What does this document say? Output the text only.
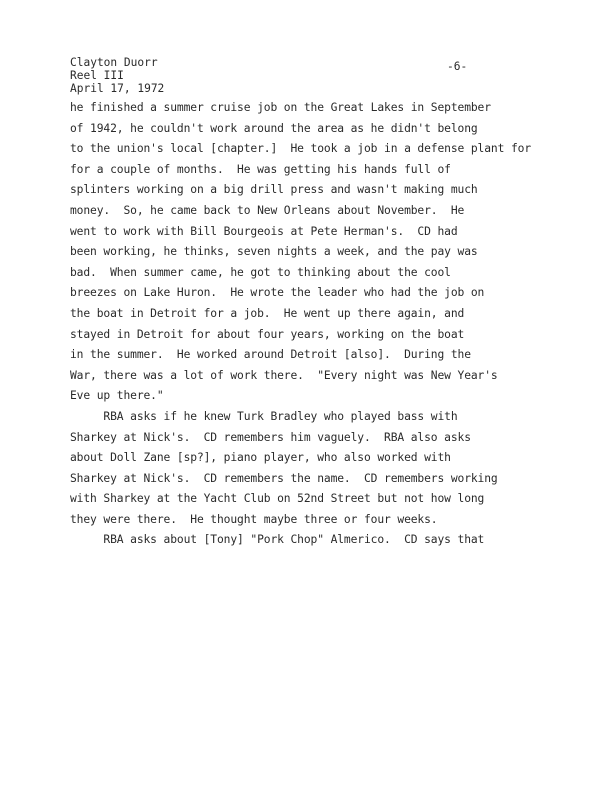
Clayton Duorr
Reel III
April 17, 1972
-6-
he finished a summer cruise job on the Great Lakes in September
of 1942, he couldn't work around the area as he didn't belong
to the union's local [chapter.]  He took a job in a defense plant for
for a couple of months.  He was getting his hands full of
splinters working on a big drill press and wasn't making much
money.  So, he came back to New Orleans about November.  He
went to work with Bill Bourgeois at Pete Herman's.  CD had
been working, he thinks, seven nights a week, and the pay was
bad.  When summer came, he got to thinking about the cool
breezes on Lake Huron.  He wrote the leader who had the job on
the boat in Detroit for a job.  He went up there again, and
stayed in Detroit for about four years, working on the boat
in the summer.  He worked around Detroit [also].  During the
War, there was a lot of work there.  "Every night was New Year's
Eve up there."
RBA asks if he knew Turk Bradley who played bass with
Sharkey at Nick's.  CD remembers him vaguely.  RBA also asks
about Doll Zane [sp?], piano player, who also worked with
Sharkey at Nick's.  CD remembers the name.  CD remembers working
with Sharkey at the Yacht Club on 52nd Street but not how long
they were there.  He thought maybe three or four weeks.
RBA asks about [Tony] "Pork Chop" Almerico.  CD says that
